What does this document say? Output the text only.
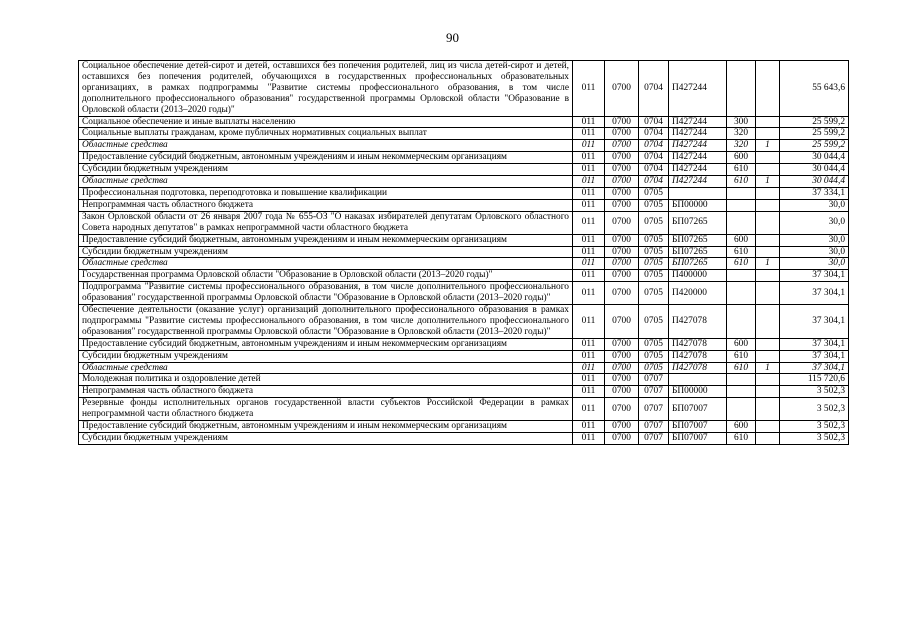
90
Социальное обеспечение детей-сирот и детей, оставшихся без попечения родителей, лиц из числа детей-сирот и детей, оставшихся без попечения родителей, обучающихся в государственных профессиональных образовательных организациях, в рамках подпрограммы "Развитие системы профессионального образования, в том числе дополнительного профессионального образования" государственной программы Орловской области "Образование в Орловской области (2013–2020 годы)"	011	0700	0704	П427244			55 643,6
Социальное обеспечение и иные выплаты населению	011	0700	0704	П427244	300		25 599,2
Социальные выплаты гражданам, кроме публичных нормативных социальных выплат	011	0700	0704	П427244	320		25 599,2
Областные средства	011	0700	0704	П427244	320	1	25 599,2
Предоставление субсидий бюджетным, автономным учреждениям и иным некоммерческим организациям	011	0700	0704	П427244	600		30 044,4
Субсидии бюджетным учреждениям	011	0700	0704	П427244	610		30 044,4
Областные средства	011	0700	0704	П427244	610	1	30 044,4
Профессиональная подготовка, переподготовка и повышение квалификации	011	0700	0705				37 334,1
Непрограммная часть областного бюджета	011	0700	0705	БП00000			30,0
Закон Орловской области от 26 января 2007 года № 655-ОЗ "О наказах избирателей депутатам Орловского областного Совета народных депутатов" в рамках непрограммной части областного бюджета	011	0700	0705	БП07265			30,0
Предоставление субсидий бюджетным, автономным учреждениям и иным некоммерческим организациям	011	0700	0705	БП07265	600		30,0
Субсидии бюджетным учреждениям	011	0700	0705	БП07265	610		30,0
Областные средства	011	0700	0705	БП07265	610	1	30,0
Государственная программа Орловской области "Образование в Орловской области (2013–2020 годы)"	011	0700	0705	П400000			37 304,1
Подпрограмма "Развитие системы профессионального образования, в том числе дополнительного профессионального образования" государственной программы Орловской области "Образование в Орловской области (2013–2020 годы)"	011	0700	0705	П420000			37 304,1
Обеспечение деятельности (оказание услуг) организаций дополнительного профессионального образования в рамках подпрограммы "Развитие системы профессионального образования, в том числе дополнительного профессионального образования" государственной программы Орловской области "Образование в Орловской области (2013–2020 годы)"	011	0700	0705	П427078			37 304,1
Предоставление субсидий бюджетным, автономным учреждениям и иным некоммерческим организациям	011	0700	0705	П427078	600		37 304,1
Субсидии бюджетным учреждениям	011	0700	0705	П427078	610		37 304,1
Областные средства	011	0700	0705	П427078	610	1	37 304,1
Молодежная политика и оздоровление детей	011	0700	0707				115 720,6
Непрограммная часть областного бюджета	011	0700	0707	БП00000			3 502,3
Резервные фонды исполнительных органов государственной власти субъектов Российской Федерации в рамках непрограммной части областного бюджета	011	0700	0707	БП07007			3 502,3
Предоставление субсидий бюджетным, автономным учреждениям и иным некоммерческим организациям	011	0700	0707	БП07007	600		3 502,3
Субсидии бюджетным учреждениям	011	0700	0707	БП07007	610		3 502,3
